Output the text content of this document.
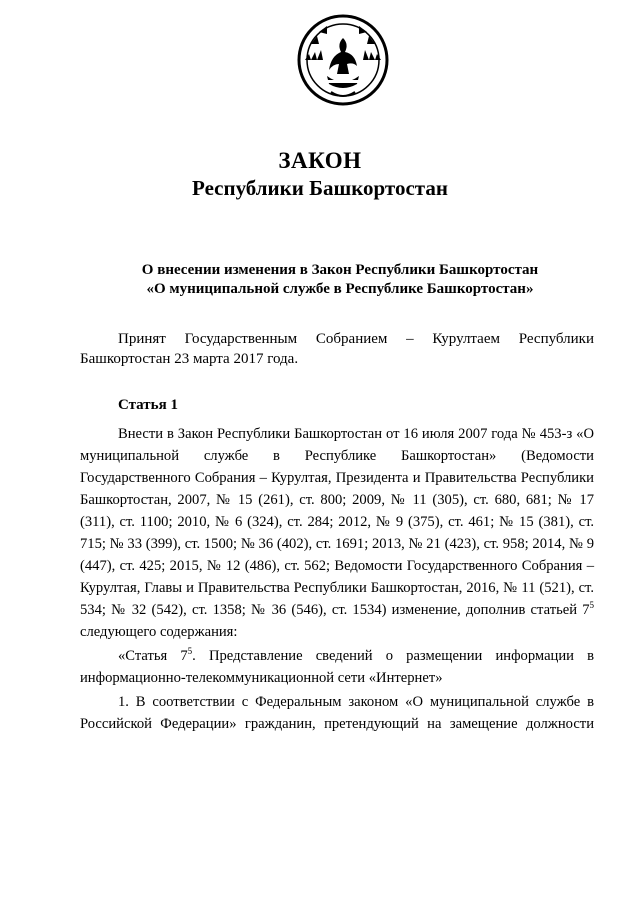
ЗАКОН
Республики Башкортостан
О внесении изменения в Закон Республики Башкортостан
«О муниципальной службе в Республике Башкортостан»
Принят Государственным Собранием – Курултаем Республики Башкортостан 23 марта 2017 года.
Статья 1

Внести в Закон Республики Башкортостан от 16 июля 2007 года № 453-з «О муниципальной службе в Республике Башкортостан» (Ведомости Государственного Собрания – Курултая, Президента и Правительства Республики Башкортостан, 2007, № 15 (261), ст. 800; 2009, № 11 (305), ст. 680, 681; № 17 (311), ст. 1100; 2010, № 6 (324), ст. 284; 2012, № 9 (375), ст. 461; № 15 (381), ст. 715; № 33 (399), ст. 1500; № 36 (402), ст. 1691; 2013, № 21 (423), ст. 958; 2014, № 9 (447), ст. 425; 2015, № 12 (486), ст. 562; Ведомости Государственного Собрания – Курултая, Главы и Правительства Республики Башкортостан, 2016, № 11 (521), ст. 534; № 32 (542), ст. 1358; № 36 (546), ст. 1534) изменение, дополнив статьей $7^5$ следующего содержания:

«Статья $7^5$. Представление сведений о размещении информации в информационно-телекоммуникационной сети «Интернет»

1. В соответствии с Федеральным законом «О муниципальной службе в Российской Федерации» гражданин, претендующий на замещение должности
